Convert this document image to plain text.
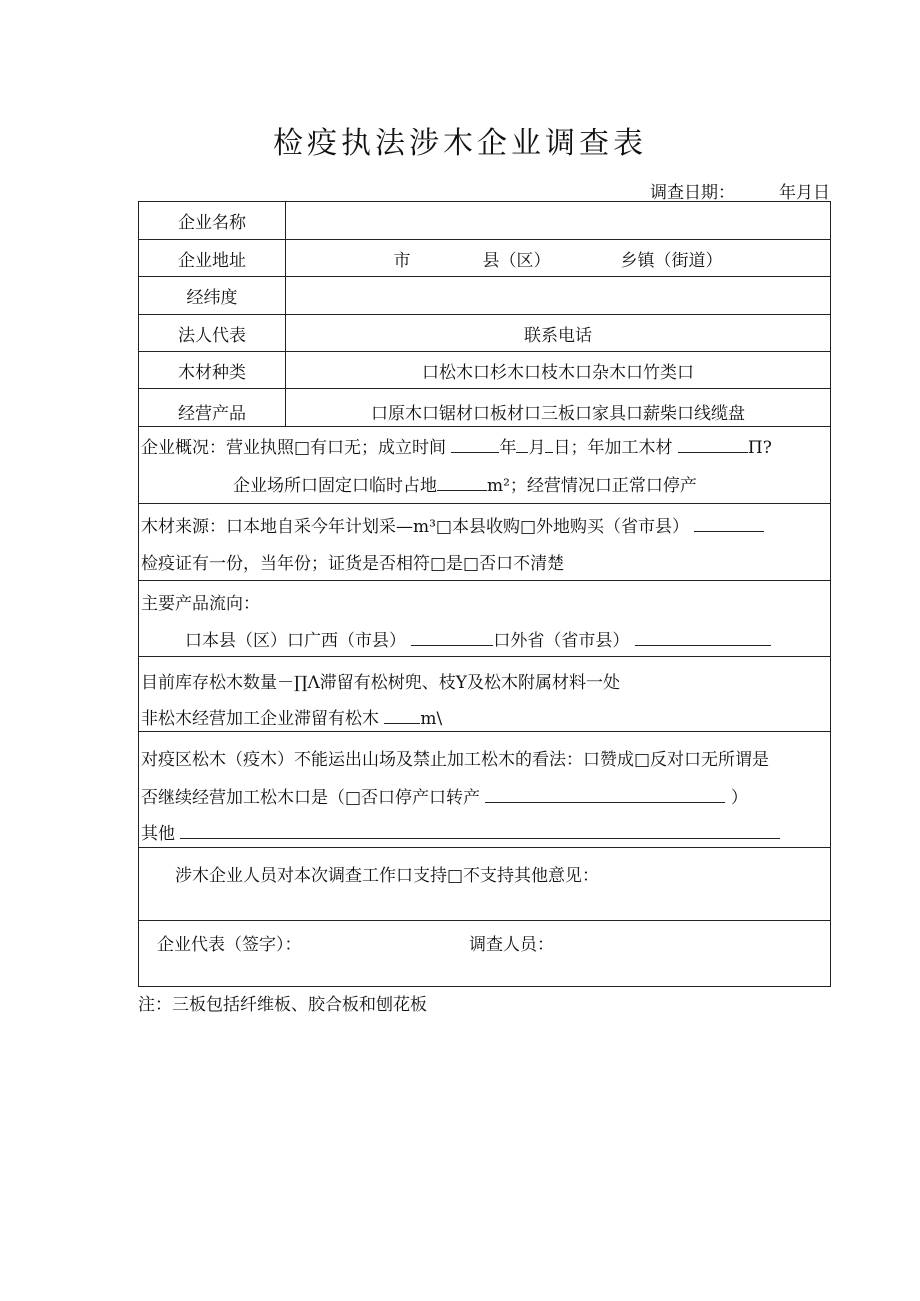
检疫执法涉木企业调查表
调查日期：	年月日
企业名称
企业地址	市	县（区）	乡镇（街道）
经纬度
法人代表	联系电话
木材种类	口松木口杉木口枝木口杂木口竹类口
经营产品	口原木口锯材口板材口三板口家具口薪柴口线缆盘
企业概况：营业执照□有口无；成立时间	年 月 日；年加工木材	Π?
企业场所口固定口临时占地	m²；经营情况口正常口停产
木材来源：口本地自采今年计划采—m³□本县收购□外地购买（省市县）
检疫证有一份，当年份；证货是否相符□是□否口不清楚
主要产品流向：
口本县（区）口广西（市县）	口外省（省市县）
目前库存松木数量－∏Λ滞留有松树兜、枝Y及松木附属材料一处
非松木经营加工企业滞留有松木 m\
对疫区松木（疫木）不能运出山场及禁止加工松木的看法：口赞成□反对口无所谓是
否继续经营加工松木口是（□否口停产口转产	）
其他
涉木企业人员对本次调查工作口支持□不支持其他意见：
企业代表（签字）：	调查人员：
注：三板包括纤维板、胶合板和刨花板
